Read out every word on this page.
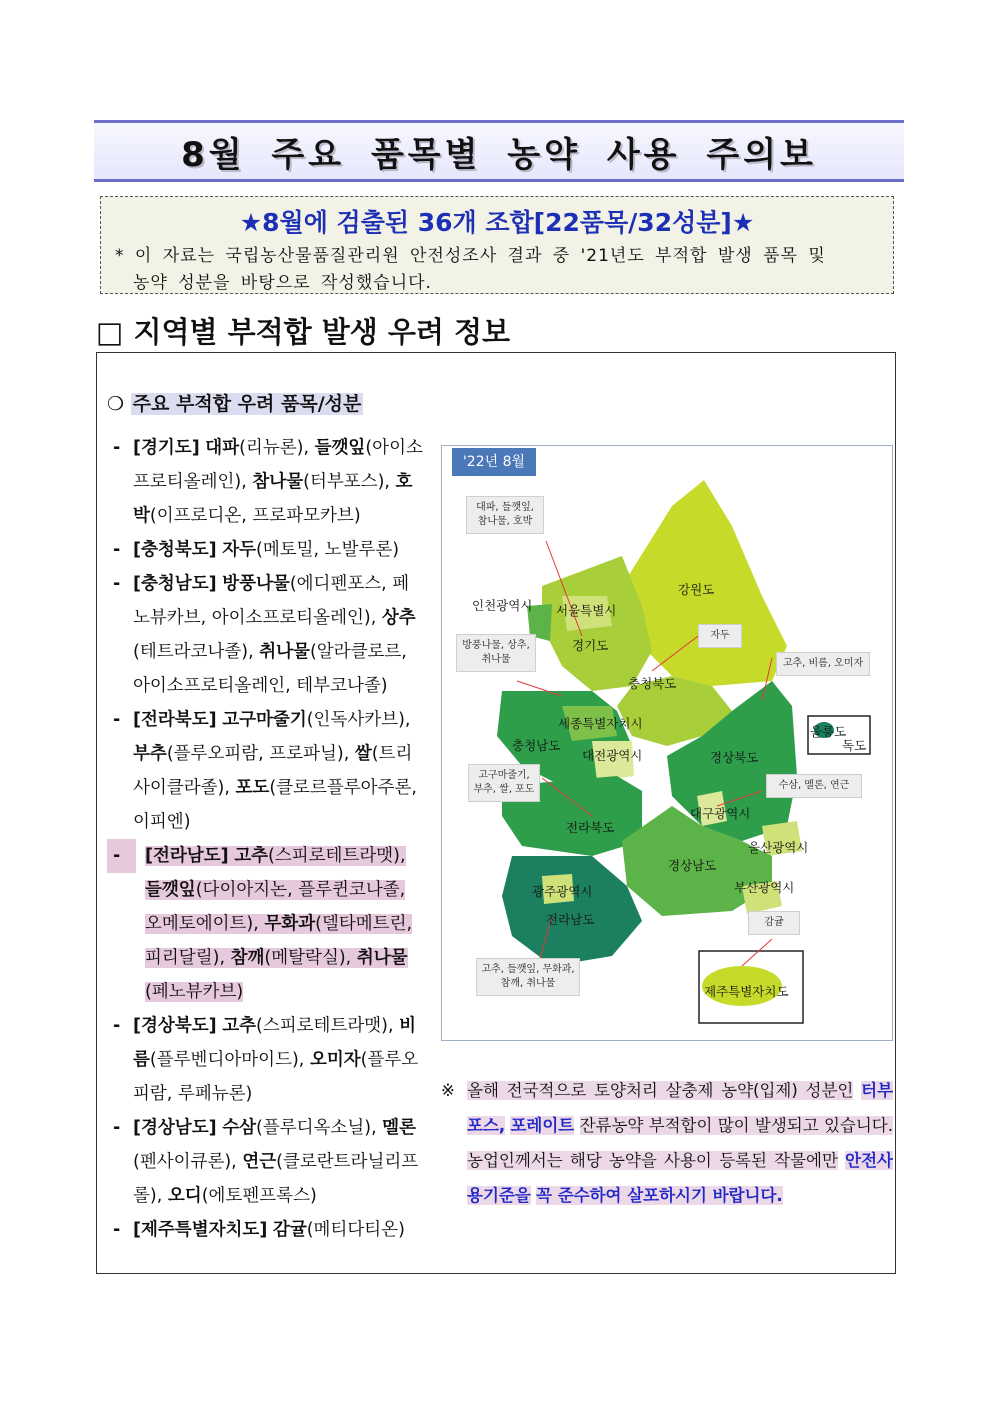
8월 주요 품목별 농약 사용 주의보
★8월에 검출된 36개 조합[22품목/32성분]★
* 이 자료는 국립농산물품질관리원 안전성조사 결과 중 '21년도 부적합 발생 품목 및
농약 성분을 바탕으로 작성했습니다.
□ 지역별 부적합 발생 우려 정보
❍ 주요 부적합 우려 품목/성분
- [경기도] 대파(리뉴론), 들깻잎(아이소프로티올레인), 참나물(터부포스), 호박(이프로디온, 프로파모카브)
- [충청북도] 자두(메토밀, 노발루론)
- [충청남도] 방풍나물(에디펜포스, 페노뷰카브, 아이소프로티올레인), 상추(테트라코나졸), 취나물(알라클로르, 아이소프로티올레인, 테부코나졸)
- [전라북도] 고구마줄기(인독사카브), 부추(플루오피람, 프로파닐), 쌀(트리사이클라졸), 포도(클로르플루아주론, 이피엔)
-	[전라남도] 고추(스피로테트라맷), 들깻잎(다이아지논, 플루퀸코나졸, 오메토에이트), 무화과(델타메트린, 피리달릴), 참깨(메탈락실), 취나물(페노뷰카브)
- [경상북도] 고추(스피로테트라맷), 비름(플루벤디아마이드), 오미자(플루오피람, 루페뉴론)
- [경상남도] 수삼(플루디옥소닐), 멜론(펜사이큐론), 연근(클로란트라닐리프롤), 오디(에토펜프록스)
- [제주특별자치도] 감귤(메티다티온)
'22년 8월
대파, 들깻잎,
참나물, 호박
자두
고추, 비름, 오미자
방풍나물, 상추,
취나물
고구마줄기,
부추, 쌀, 포도	수삼, 멜론, 연근
감귤
고추, 들깻잎, 무화과,
참깨, 취나물
인천광역시 서울특별시
경기도
강원도
충청북도
세종특별자치시
충청남도
대전광역시	경상북도
울릉도
독도
대구광역시
전라북도
울산광역시
경상남도
부산광역시
광주광역시
전라남도
제주특별자치도
※ 올해 전국적으로 토양처리 살충제 농약(입제) 성분인 터부포스, 포레이트 잔류농약 부적합이 많이 발생되고 있습니다. 농업인께서는 해당 농약을 사용이 등록된 작물에만 안전사용기준을 꼭 준수하여 살포하시기 바랍니다.
